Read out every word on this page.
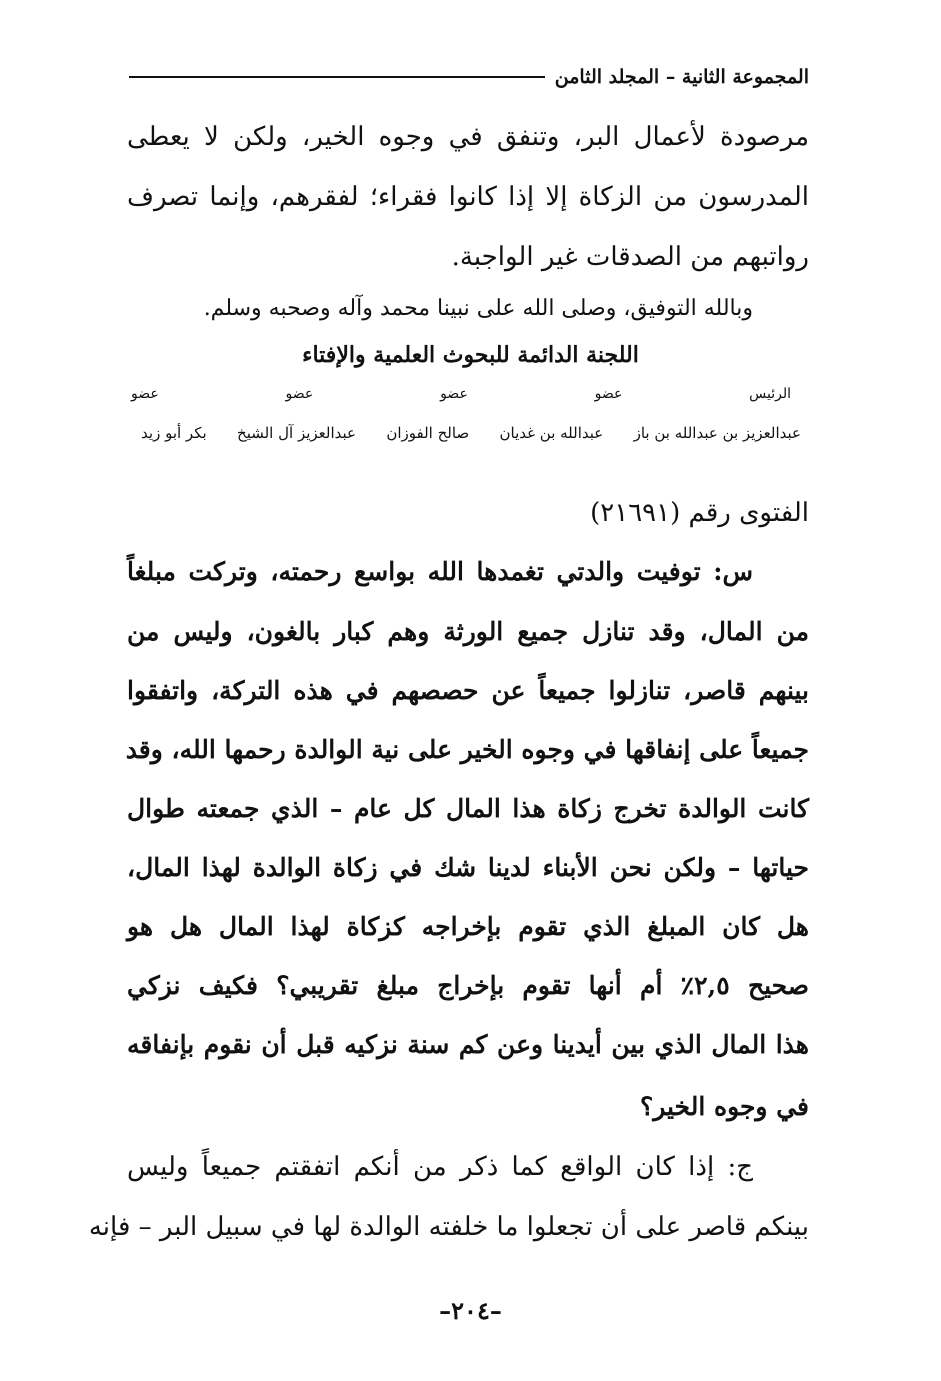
المجموعة الثانية – المجلد الثامن
مرصودة لأعمال البر، وتنفق في وجوه الخير، ولكن لا يعطى
المدرسون من الزكاة إلا إذا كانوا فقراء؛ لفقرهم، وإنما تصرف
رواتبهم من الصدقات غير الواجبة.
وبالله التوفيق، وصلى الله على نبينا محمد وآله وصحبه وسلم.
اللجنة الدائمة للبحوث العلمية والإفتاء
الرئيس
عضو
عضو
عضو
عضو
عبدالعزيز بن عبدالله بن باز
عبدالله بن غديان
صالح الفوزان
عبدالعزيز آل الشيخ
بكر أبو زيد
الفتوى رقم (٢١٦٩١)
س: توفيت والدتي تغمدها الله بواسع رحمته، وتركت مبلغاً
من المال، وقد تنازل جميع الورثة وهم كبار بالغون، وليس من
بينهم قاصر، تنازلوا جميعاً عن حصصهم في هذه التركة، واتفقوا
جميعاً على إنفاقها في وجوه الخير على نية الوالدة رحمها الله، وقد
كانت الوالدة تخرج زكاة هذا المال كل عام – الذي جمعته طوال
حياتها – ولكن نحن الأبناء لدينا شك في زكاة الوالدة لهذا المال،
هل كان المبلغ الذي تقوم بإخراجه كزكاة لهذا المال هل هو
صحيح ٢,٥٪ أم أنها تقوم بإخراج مبلغ تقريبي؟ فكيف نزكي
هذا المال الذي بين أيدينا وعن كم سنة نزكيه قبل أن نقوم بإنفاقه
في وجوه الخير؟
ج: إذا كان الواقع كما ذكر من أنكم اتفقتم جميعاً وليس
بينكم قاصر على أن تجعلوا ما خلفته الوالدة لها في سبيل البر – فإنه
–٢٠٤–
